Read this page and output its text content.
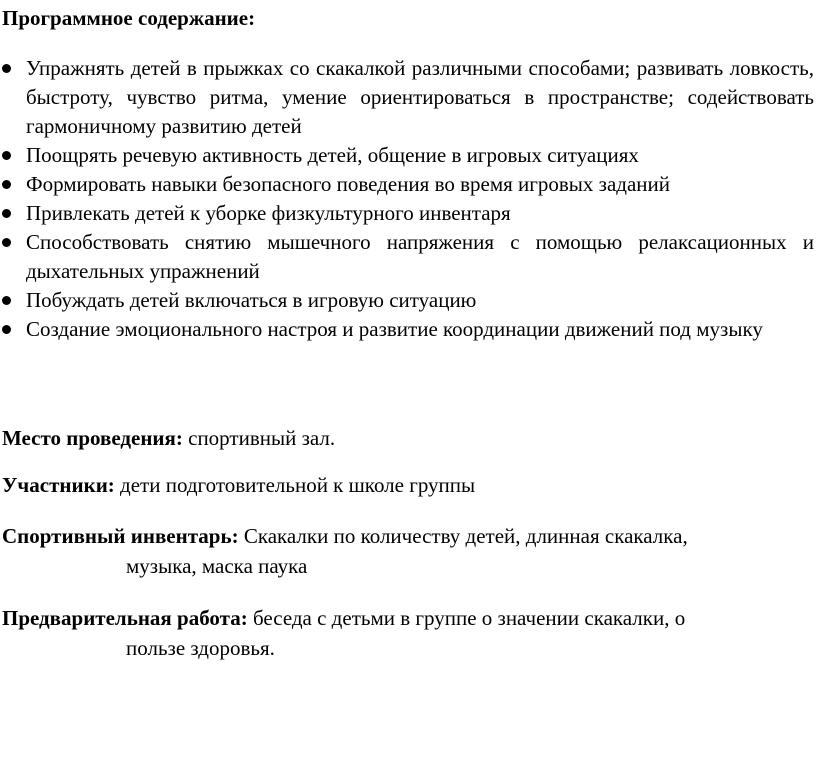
Программное содержание:

Упражнять детей в прыжках со скакалкой различными способами; развивать ловкость, быстроту, чувство ритма, умение ориентироваться в пространстве; содействовать гармоничному развитию детей
Поощрять речевую активность детей, общение в игровых ситуациях
Формировать навыки безопасного поведения во время игровых заданий
Привлекать детей к уборке физкультурного инвентаря
Способствовать снятию мышечного напряжения с помощью релаксационных и дыхательных упражнений
Побуждать детей включаться в игровую ситуацию
Создание эмоционального настроя и развитие координации движений под музыку

Место проведения: спортивный зал.

Участники: дети подготовительной к школе группы

Спортивный инвентарь: Скакалки по количеству детей, длинная скакалка,
музыка, маска паука

Предварительная работа: беседа с детьми в группе о значении скакалки, о
пользе здоровья.
